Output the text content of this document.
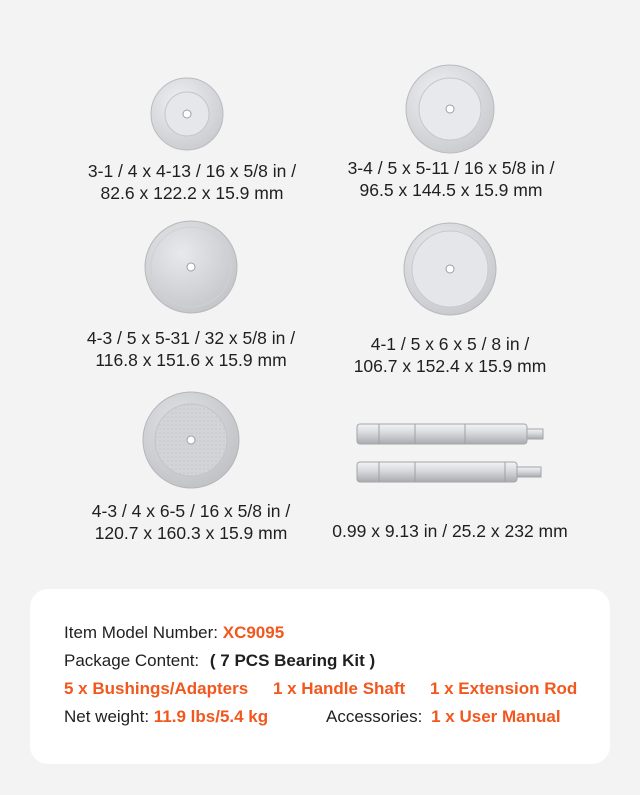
3-1 / 4 x 4-13 / 16 x 5/8 in /
82.6 x 122.2 x 15.9 mm
3-4 / 5 x 5-11 / 16 x 5/8 in /
96.5 x 144.5 x 15.9 mm
4-3 / 5 x 5-31 / 32 x 5/8 in /
116.8 x 151.6 x 15.9 mm
4-1 / 5 x 6 x 5 / 8 in /
106.7 x 152.4 x 15.9 mm
4-3 / 4 x 6-5 / 16 x 5/8 in /
120.7 x 160.3 x 15.9 mm	0.99 x 9.13 in / 25.2 x 232 mm
Item Model Number: XC9095
Package Content: ( 7 PCS Bearing Kit )
5 x Bushings/Adapters 1 x Handle Shaft 1 x Extension Rod
Net weight: 11.9 lbs/5.4 kg	Accessories: 1 x User Manual
